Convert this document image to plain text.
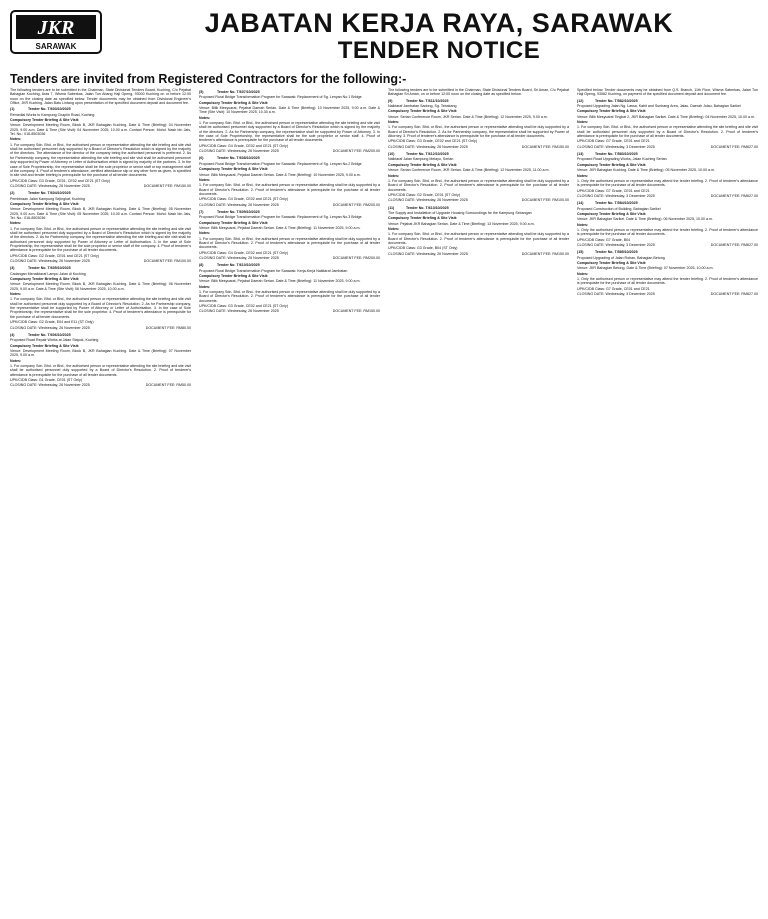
JKR
SARAWAK
JABATAN KERJA RAYA, SARAWAK
TENDER NOTICE
Tenders are invited from Registered Contractors for the following:-

The following tenders are to be submitted in the Chairman, State Divisional Tenders Board, Kuching, C/o Pejabat Bahagian Kuching, Aras 7, Wisma Saberkas, Jalan Tun Abang Haji Openg, 93000 Kuching on or before 12:00 noon on the closing date as specified below. Tender documents may be obtained from Divisional Engineer's Office, JKR Kuching, Jalan Batu Lintang upon presentation of the specified document deposit and document fee.

(1)	Tender No. T/603/10/2025

Remedial Works to Kampung Chaplin Road, Kuching

Compulsory Tender Briefing & Site Visit:

Venue: Development Meeting Room, Block B, JKR Bahagian Kuching. Date & Time (Briefing): 04 November 2025, 9.00 a.m. Date & Time (Site Visit): 04 November 2025, 10.00 a.m. Contact Person: Mohd. Nasir bin Jais, Tel. No.: 016-8503036

Notes:

1. For company Sdn. Bhd. or Bhd., the authorised person or representative attending the site briefing and site visit shall be authorised personnel duly supported by a Board of Director's Resolution which is signed by the majority of the directors. The attendance of the director of the company being the authorised personnel is preferred. 2. As for Partnership company, the representative attending the site briefing and site visit shall be authorised personnel duly supported by Power of Attorney or Letter of Authorisation which is signed by majority of the partners. 3. In the case of Sole Proprietorship, the representative shall be the sole proprietor or senior staff or top management staff of the company. 4. Proof of tenderer's attendance, certified attendance slip or any other form as given, is specified in site visit and tender briefing is prerequisite for the purchase of all tender documents.

UPK/CIDB Class: G3 Grade, CE01, CE02 and CE21 (ST Only)

CLOSING DATE: Wednesday, 26 November 2025	DOCUMENT FEE: RM150.00
(2)	Tender No. T/604/10/2025

Pembinaan Jalan Kampung Sejingkat, Kuching

Compulsory Tender Briefing & Site Visit:

Venue: Development Meeting Room, Block B, JKR Bahagian Kuching. Date & Time (Briefing): 05 November 2025, 9.00 a.m. Date & Time (Site Visit): 05 November 2025, 10.00 a.m. Contact Person: Mohd. Nasir bin Jais, Tel. No.: 016-8503036

Notes:

1. For company Sdn. Bhd. or Bhd., the authorised person or representative attending the site briefing and site visit shall be authorised personnel duly supported by a Board of Director's Resolution which is signed by the majority of the directors. 2. As for Partnership company, the representative attending the site briefing and site visit shall be authorised personnel duly supported by Power of Attorney or Letter of Authorisation. 3. In the case of Sole Proprietorship, the representative shall be the sole proprietor or senior staff of the company. 4. Proof of tenderer's attendance is prerequisite for the purchase of all tender documents.

UPK/CIDB Class: G2 Grade, CE01 and CE21 (ST Only)

CLOSING DATE: Wednesday, 26 November 2025	DOCUMENT FEE: RM100.00
(3)	Tender No. T/605/10/2025

Cadangan Menaiktaraf Lampu Jalan di Kuching

Compulsory Tender Briefing & Site Visit:

Venue: Development Meeting Room, Block B, JKR Bahagian Kuching. Date & Time (Briefing): 06 November 2025, 9.00 a.m. Date & Time (Site Visit): 06 November 2025, 10.00 a.m.

Notes:

1. For company Sdn. Bhd. or Bhd., the authorised person or representative attending the site briefing and site visit shall be authorised personnel duly supported by a Board of Director's Resolution. 2. As for Partnership company, the representative shall be supported by Power of Attorney or Letter of Authorisation. 3. In the case of Sole Proprietorship, the representative shall be the sole proprietor. 4. Proof of tenderer's attendance is prerequisite for the purchase of all tender documents.

UPK/CIDB Class: G2 Grade, E04 and E11 (ST Only)

CLOSING DATE: Wednesday, 26 November 2025	DOCUMENT FEE: RM80.00
(4)	Tender No. T/606/10/2025

Proposed Road Repair Works at Jalan Stapok, Kuching

Compulsory Tender Briefing & Site Visit:

Venue: Development Meeting Room, Block B, JKR Bahagian Kuching. Date & Time (Briefing): 07 November 2025, 9.00 a.m.

Notes:

1. For company Sdn. Bhd. or Bhd., the authorised person or representative attending the site briefing and site visit shall be authorised personnel duly supported by a Board of Director's Resolution. 2. Proof of tenderer's attendance is prerequisite for the purchase of all tender documents.

UPK/CIDB Class: G1 Grade, CE01 (ST Only)

CLOSING DATE: Wednesday, 26 November 2025	DOCUMENT FEE: RM50.00
(5)	Tender No. T/607/10/2025

Proposed Rural Bridge Transformation Program for Sarawak: Replacement of Sg. Lenyan No.1 Bridge

Compulsory Tender Briefing & Site Visit:

Venue: Bilik Mesyuarat, Pejabat Daerah Serian. Date & Time (Briefing): 10 November 2025, 9.00 a.m. Date & Time (Site Visit): 10 November 2025, 10.30 a.m.

Notes:

1. For company Sdn. Bhd. or Bhd., the authorised person or representative attending the site briefing and site visit shall be authorised personnel duly supported by a Board of Director's Resolution which is signed by the majority of the directors. 2. As for Partnership company, the representative shall be supported by Power of Attorney. 3. In the case of Sole Proprietorship, the representative shall be the sole proprietor or senior staff. 4. Proof of tenderer's attendance is prerequisite for the purchase of all tender documents.

UPK/CIDB Class: G4 Grade, CE02 and CE21 (ST Only)

CLOSING DATE: Wednesday, 26 November 2025	DOCUMENT FEE: RM200.00
(6)	Tender No. T/608/10/2025

Proposed Rural Bridge Transformation Program for Sarawak: Replacement of Sg. Lenyan No.2 Bridge

Compulsory Tender Briefing & Site Visit:

Venue: Bilik Mesyuarat, Pejabat Daerah Serian. Date & Time (Briefing): 10 November 2025, 9.00 a.m.

Notes:

1. For company Sdn. Bhd. or Bhd., the authorised person or representative attending shall be duly supported by a Board of Director's Resolution. 2. Proof of tenderer's attendance is prerequisite for the purchase of all tender documents.

UPK/CIDB Class: G4 Grade, CE02 and CE21 (ST Only)

CLOSING DATE: Wednesday, 26 November 2025	DOCUMENT FEE: RM200.00
(7)	Tender No. T/609/10/2025

Proposed Rural Bridge Transformation Program for Sarawak: Replacement of Sg. Lenyan No.3 Bridge

Compulsory Tender Briefing & Site Visit:

Venue: Bilik Mesyuarat, Pejabat Daerah Serian. Date & Time (Briefing): 11 November 2025, 9.00 a.m.

Notes:

1. For company Sdn. Bhd. or Bhd., the authorised person or representative attending shall be duly supported by a Board of Director's Resolution. 2. Proof of tenderer's attendance is prerequisite for the purchase of all tender documents.

UPK/CIDB Class: G4 Grade, CE02 and CE21 (ST Only)

CLOSING DATE: Wednesday, 26 November 2025	DOCUMENT FEE: RM200.00
(8)	Tender No. T/610/10/2025

Proposed Rural Bridge Transformation Program for Sarawak: Kerja-Kerja Naiktaraf Jambatan

Compulsory Tender Briefing & Site Visit:

Venue: Bilik Mesyuarat, Pejabat Daerah Serian. Date & Time (Briefing): 11 November 2025, 9.00 a.m.

Notes:

1. For company Sdn. Bhd. or Bhd., the authorised person or representative attending shall be duly supported by a Board of Director's Resolution. 2. Proof of tenderer's attendance is prerequisite for the purchase of all tender documents.

UPK/CIDB Class: G3 Grade, CE02 and CE21 (ST Only)

CLOSING DATE: Wednesday, 26 November 2025	DOCUMENT FEE: RM150.00

The following tenders are to be submitted in the Chairman, State Divisional Tenders Board, Sri Aman, C/o Pejabat Bahagian Sri Aman, on or before 12:00 noon on the closing date as specified below.

(9)	Tender No. T/611/10/2025

Naiktaraf Jambatan Sadong, Sg. Tebakang

Compulsory Tender Briefing & Site Visit:

Venue: Serian Conference Room, JKR Serian. Date & Time (Briefing): 12 November 2025, 9.00 a.m.

Notes:

1. For company Sdn. Bhd. or Bhd., the authorised person or representative attending shall be duly supported by a Board of Director's Resolution. 2. As for Partnership company, the representative shall be supported by Power of Attorney. 3. Proof of tenderer's attendance is prerequisite for the purchase of all tender documents.

UPK/CIDB Class: G3 Grade, CE02 and CE21 (ST Only)

CLOSING DATE: Wednesday, 26 November 2025	DOCUMENT FEE: RM150.00
(10)	Tender No. T/612/10/2025

Naiktaraf Jalan Kampung Melayu, Serian

Compulsory Tender Briefing & Site Visit:

Venue: Serian Conference Room, JKR Serian. Date & Time (Briefing): 12 November 2025, 11.00 a.m.

Notes:

1. For company Sdn. Bhd. or Bhd., the authorised person or representative attending shall be duly supported by a Board of Director's Resolution. 2. Proof of tenderer's attendance is prerequisite for the purchase of all tender documents.

UPK/CIDB Class: G2 Grade, CE01 (ST Only)

CLOSING DATE: Wednesday, 26 November 2025	DOCUMENT FEE: RM100.00
(11)	Tender No. T/613/10/2025

The Supply and Installation of Upgrade Housing Surroundings for the Kampung Sebangan

Compulsory Tender Briefing & Site Visit:

Venue: Pejabat JKR Bahagian Serian. Date & Time (Briefing): 13 November 2025, 9.00 a.m.

Notes:

1. For company Sdn. Bhd. or Bhd., the authorised person or representative attending shall be duly supported by a Board of Director's Resolution. 2. Proof of tenderer's attendance is prerequisite for the purchase of all tender documents.

UPK/CIDB Class: G3 Grade, B04 (ST Only)

CLOSING DATE: Wednesday, 26 November 2025	DOCUMENT FEE: RM150.00

Specified below. Tender documents may be obtained from Q.S. Branch, 11th Floor, Wisma Saberkas, Jalan Tun Haji Openg, 93582 Kuching, on payment of the specified document deposit and document fee.

(12)	Tender No. T/582/10/2025

Proposed Upgrading Jalan Ng. Lassa, Kabit and Sunbang Area, Jalau, Daerah Julau, Bahagian Sarikei

Compulsory Tender Briefing & Site Visit:

Venue: Bilik Mesyuarat Tingkat 2, JKR Bahagian Sarikei. Date & Time (Briefing): 04 November 2025, 10.00 a.m.

Notes:

1. For company Sdn. Bhd. or Bhd., the authorised person or representative attending the site briefing and site visit shall be authorised personnel duly supported by a Board of Director's Resolution. 2. Proof of tenderer's attendance is prerequisite for the purchase of all tender documents.

UPK/CIDB Class: G7 Grade, CE01 and CE21

CLOSING DATE: Wednesday, 3 December 2025	DOCUMENT FEE: RM627.00
(13)	Tender No. T/583/10/2025

Proposed Road Upgrading Works, Jalan Kuching Serian

Compulsory Tender Briefing & Site Visit:

Venue: JKR Bahagian Kuching. Date & Time (Briefing): 05 November 2025, 10.00 a.m.

Notes:

1. Only the authorised person or representative may attend the tender briefing. 2. Proof of tenderer's attendance is prerequisite for the purchase of all tender documents.

UPK/CIDB Class: G7 Grade, CE01 and CE21

CLOSING DATE: Wednesday, 3 December 2025	DOCUMENT FEE: RM627.00
(14)	Tender No. T/584/10/2025

Proposed Construction of Building, Bahagian Sarikei

Compulsory Tender Briefing & Site Visit:

Venue: JKR Bahagian Sarikei. Date & Time (Briefing): 06 November 2025, 10.00 a.m.

Notes:

1. Only the authorised person or representative may attend the tender briefing. 2. Proof of tenderer's attendance is prerequisite for the purchase of all tender documents.

UPK/CIDB Class: G7 Grade, B04

CLOSING DATE: Wednesday, 3 December 2025	DOCUMENT FEE: RM627.00
(15)	Tender No. T/585/10/2025

Proposed Upgrading of Jalan Roban, Bahagian Betong

Compulsory Tender Briefing & Site Visit:

Venue: JKR Bahagian Betong. Date & Time (Briefing): 07 November 2025, 10.00 a.m.

Notes:

1. Only the authorised person or representative may attend the tender briefing. 2. Proof of tenderer's attendance is prerequisite for the purchase of all tender documents.

UPK/CIDB Class: G7 Grade, CE01 and CE21

CLOSING DATE: Wednesday, 3 December 2025	DOCUMENT FEE: RM627.00
